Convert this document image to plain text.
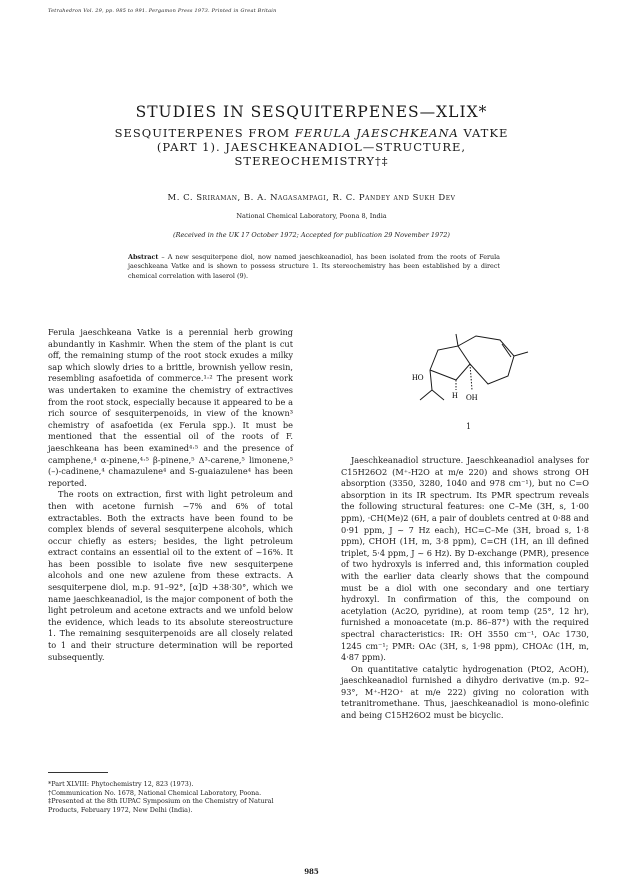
Tetrahedron Vol. 29, pp. 985 to 991. Pergamon Press 1973. Printed in Great Britain
STUDIES IN SESQUITERPENES—XLIX*
SESQUITERPENES FROM FERULA JAESCHKEANA VATKE
(PART 1). JAESCHKEANADIOL—STRUCTURE,
STEREOCHEMISTRY†‡
M. C. Sriraman, B. A. Nagasampagi, R. C. Pandey and Sukh Dev
National Chemical Laboratory, Poona 8, India
(Received in the UK 17 October 1972; Accepted for publication 29 November 1972)
Abstract – A new sesquiterpene diol, now named jaeschkeanadiol, has been isolated from the roots of Ferula jaeschkeana Vatke and is shown to possess structure 1. Its stereochemistry has been established by a direct chemical correlation with laserol (9).

Ferula jaeschkeana Vatke is a perennial herb growing abundantly in Kashmir. When the stem of the plant is cut off, the remaining stump of the root stock exudes a milky sap which slowly dries to a brittle, brownish yellow resin, resembling asafoetida of commerce.¹·² The present work was undertaken to examine the chemistry of extractives from the root stock, especially because it appeared to be a rich source of sesquiterpenoids, in view of the known³ chemistry of asafoetida (ex Ferula spp.). It must be mentioned that the essential oil of the roots of F. jaeschkeana has been examined⁴·⁵ and the presence of camphene,⁴ α-pinene,⁴·⁵ β-pinene,⁵ Δ³-carene,⁵ limonene,⁵ (–)-cadinene,⁴ chamazulene⁴ and S-guaiazulene⁴ has been reported.

The roots on extraction, first with light petroleum and then with acetone furnish ~7% and 6% of total extractables. Both the extracts have been found to be complex blends of several sesquiterpene alcohols, which occur chiefly as esters; besides, the light petroleum extract contains an essential oil to the extent of ~16%. It has been possible to isolate five new sesquiterpene alcohols and one new azulene from these extracts. A sesquiterpene diol, m.p. 91–92°, [α]D +38·30°, which we name jaeschkeanadiol, is the major component of both the light petroleum and acetone extracts and we unfold below the evidence, which leads to its absolute stereostructure 1. The remaining sesquiterpenoids are all closely related to 1 and their structure determination will be reported subsequently.

HO
H OH
1

Jaeschkeanadiol structure. Jaeschkeanadiol analyses for C15H26O2 (M⁺-H2O at m/e 220) and shows strong OH absorption (3350, 3280, 1040 and 978 cm⁻¹), but no C=O absorption in its IR spectrum. Its PMR spectrum reveals the following structural features: one C–Me (3H, s, 1·00 ppm), ·CH(Me)2 (6H, a pair of doublets centred at 0·88 and 0·91 ppm, J ~ 7 Hz each), HC=C–Me (3H, broad s, 1·8 ppm), CHOH (1H, m, 3·8 ppm), C=CH (1H, an ill defined triplet, 5·4 ppm, J ~ 6 Hz). By D-exchange (PMR), presence of two hydroxyls is inferred and, this information coupled with the earlier data clearly shows that the compound must be a diol with one secondary and one tertiary hydroxyl. In confirmation of this, the compound on acetylation (Ac2O, pyridine), at room temp (25°, 12 hr), furnished a monoacetate (m.p. 86–87°) with the required spectral characteristics: IR: OH 3550 cm⁻¹, OAc 1730, 1245 cm⁻¹; PMR: OAc (3H, s, 1·98 ppm), CHOAc (1H, m, 4·87 ppm).

On quantitative catalytic hydrogenation (PtO2, AcOH), jaeschkeanadiol furnished a dihydro derivative (m.p. 92–93°, M⁺-H2O⁺ at m/e 222) giving no coloration with tetranitromethane. Thus, jaeschkeanadiol is mono-olefinic and being C15H26O2 must be bicyclic.

*Part XLVIII: Phytochemistry 12, 823 (1973).

†Communication No. 1678, National Chemical Laboratory, Poona.

‡Presented at the 8th IUPAC Symposium on the Chemistry of Natural Products, February 1972, New Delhi (India).

985
